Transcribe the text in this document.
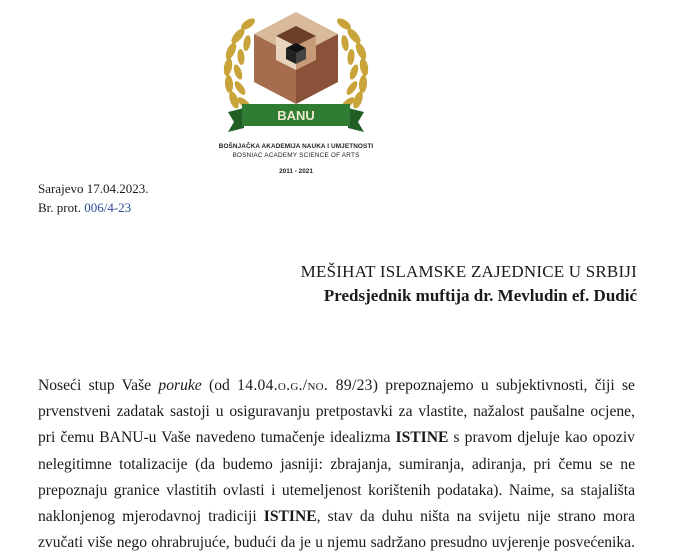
BANU
BOŠNJAČKA AKADEMIJA NAUKA I UMJETNOSTI
BOSNIAC ACADEMY SCIENCE OF ARTS
2011 - 2021
Sarajevo 17.04.2023.
Br. prot. 006/4-23
MEŠIHAT ISLAMSKE ZAJEDNICE U SRBIJI
Predsjednik muftija dr. Mevludin ef. Dudić
Noseći stup Vaše poruke (od 14.04.o.g./no. 89/23) prepoznajemo u subjektivnosti, čiji se
prvenstveni zadatak sastoji u osiguravanju pretpostavki za vlastite, nažalost paušalne ocjene,
pri čemu BANU-u Vaše navedeno tumačenje idealizma ISTINE s pravom djeluje kao opoziv
nelegitimne totalizacije (da budemo jasniji: zbrajanja, sumiranja, adiranja, pri čemu se ne
prepoznaju granice vlastitih ovlasti i utemeljenost korištenih podataka). Naime, sa stajališta
naklonjenog mjerodavnoj tradiciji ISTINE, stav da duhu ništa na svijetu nije strano mora
zvučati više nego ohrabrujuće, budući da je u njemu sadržano presudno uvjerenje posvećenika.
